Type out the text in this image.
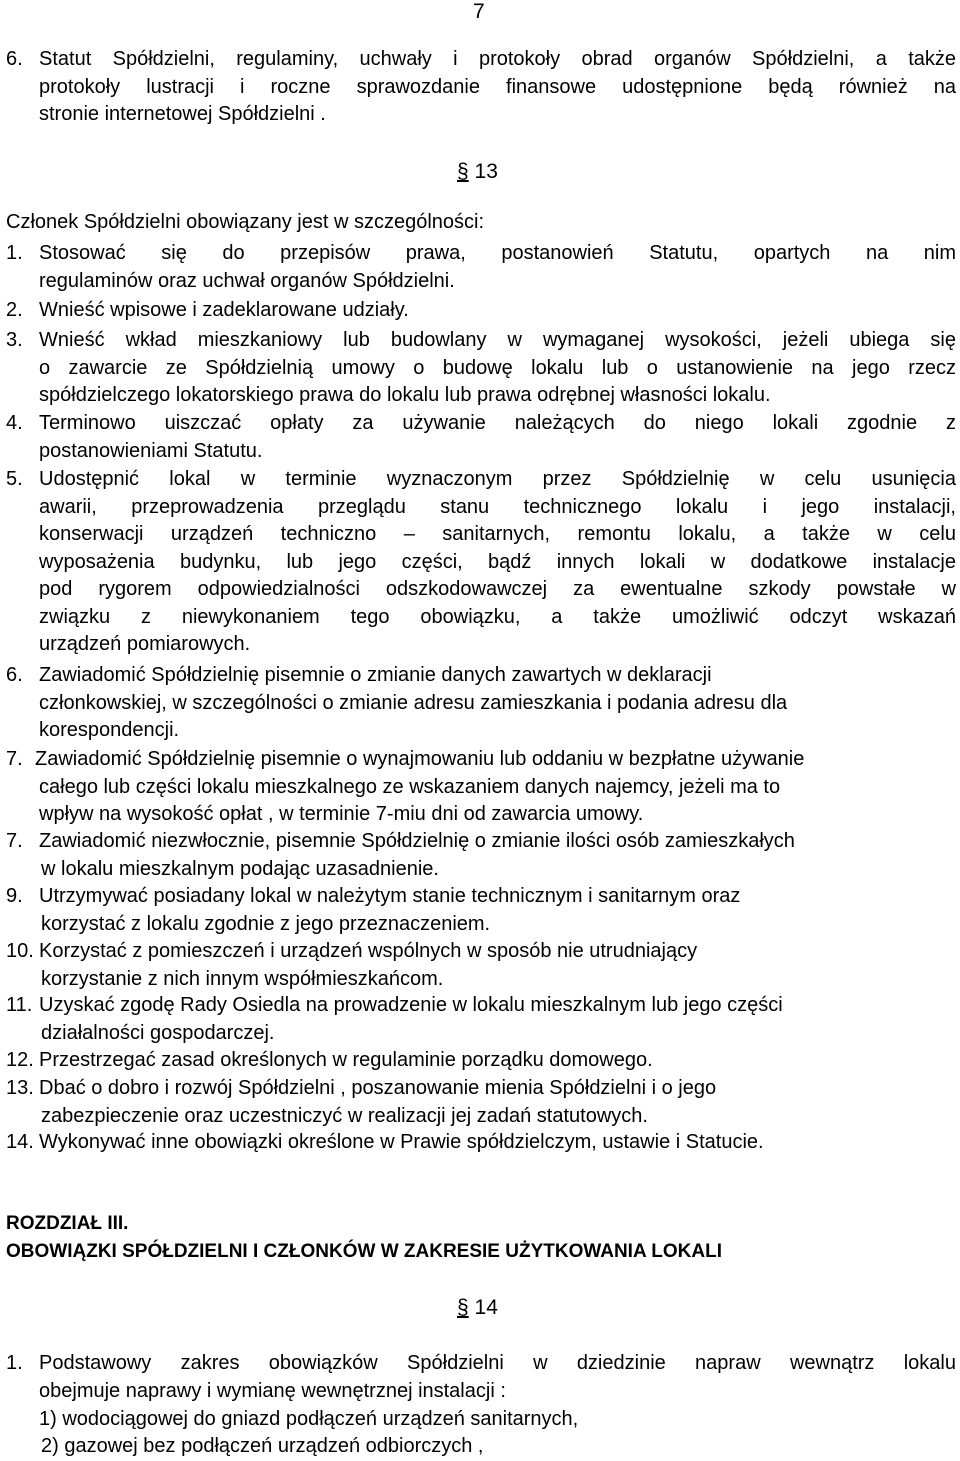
7
6. Statut Spółdzielni, regulaminy, uchwały i protokoły obrad organów Spółdzielni, a także
protokoły lustracji i roczne sprawozdanie finansowe udostępnione będą również na
stronie internetowej Spółdzielni .
§ 13
Członek Spółdzielni obowiązany jest w szczególności:
1. Stosować się do przepisów prawa, postanowień Statutu, opartych na nim
regulaminów oraz uchwał organów Spółdzielni.
2. Wnieść wpisowe i zadeklarowane udziały.
3. Wnieść wkład mieszkaniowy lub budowlany w wymaganej wysokości, jeżeli ubiega się
o zawarcie ze Spółdzielnią umowy o budowę lokalu lub o ustanowienie na jego rzecz
spółdzielczego lokatorskiego prawa do lokalu lub prawa odrębnej własności lokalu.
4. Terminowo uiszczać opłaty za używanie należących do niego lokali zgodnie z
postanowieniami Statutu.
5. Udostępnić lokal w terminie wyznaczonym przez Spółdzielnię w celu usunięcia
awarii, przeprowadzenia przeglądu stanu technicznego lokalu i jego instalacji,
konserwacji urządzeń techniczno – sanitarnych, remontu lokalu, a także w celu
wyposażenia budynku, lub jego części, bądź innych lokali w dodatkowe instalacje
pod rygorem odpowiedzialności odszkodowawczej za ewentualne szkody powstałe w
związku z niewykonaniem tego obowiązku, a także umożliwić odczyt wskazań
urządzeń pomiarowych.
6. Zawiadomić Spółdzielnię pisemnie o zmianie danych zawartych w deklaracji
członkowskiej, w szczególności o zmianie adresu zamieszkania i podania adresu dla
korespondencji.
7. Zawiadomić Spółdzielnię pisemnie o wynajmowaniu lub oddaniu w bezpłatne używanie
całego lub części lokalu mieszkalnego ze wskazaniem danych najemcy, jeżeli ma to
wpływ na wysokość opłat , w terminie 7-miu dni od zawarcia umowy.
7. Zawiadomić niezwłocznie, pisemnie Spółdzielnię o zmianie ilości osób zamieszkałych
w lokalu mieszkalnym podając uzasadnienie.
9. Utrzymywać posiadany lokal w należytym stanie technicznym i sanitarnym oraz
korzystać z lokalu zgodnie z jego przeznaczeniem.
10. Korzystać z pomieszczeń i urządzeń wspólnych w sposób nie utrudniający
korzystanie z nich innym współmieszkańcom.
11. Uzyskać zgodę Rady Osiedla na prowadzenie w lokalu mieszkalnym lub jego części
działalności gospodarczej.
12. Przestrzegać zasad określonych w regulaminie porządku domowego.
13. Dbać o dobro i rozwój Spółdzielni , poszanowanie mienia Spółdzielni i o jego
zabezpieczenie oraz uczestniczyć w realizacji jej zadań statutowych.
14. Wykonywać inne obowiązki określone w Prawie spółdzielczym, ustawie i Statucie.
ROZDZIAŁ III.
OBOWIĄZKI SPÓŁDZIELNI I CZŁONKÓW W ZAKRESIE UŻYTKOWANIA LOKALI
§ 14
1. Podstawowy zakres obowiązków Spółdzielni w dziedzinie napraw wewnątrz lokalu
obejmuje naprawy i wymianę wewnętrznej instalacji :
1) wodociągowej do gniazd podłączeń urządzeń sanitarnych,
2) gazowej bez podłączeń urządzeń odbiorczych ,
